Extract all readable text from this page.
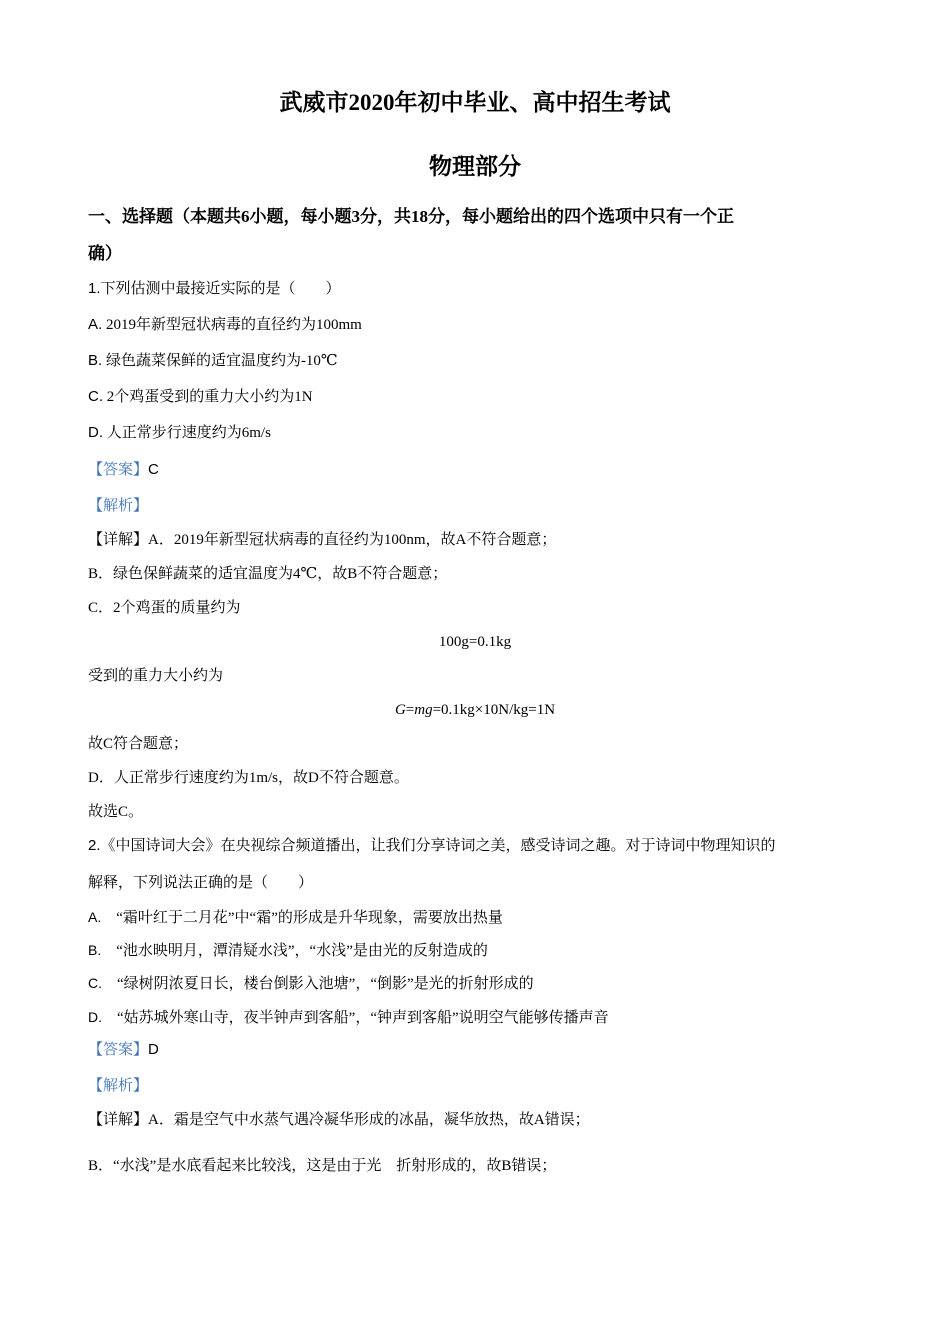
武威市2020年初中毕业、高中招生考试
物理部分
一、选择题（本题共6小题，每小题3分，共18分，每小题给出的四个选项中只有一个正
确）
1.下列估测中最接近实际的是（　　）
A. 2019年新型冠状病毒的直径约为100mm
B. 绿色蔬菜保鲜的适宜温度约为-10℃
C. 2个鸡蛋受到的重力大小约为1N
D. 人正常步行速度约为6m/s
【答案】C
【解析】
【详解】A．2019年新型冠状病毒的直径约为100nm，故A不符合题意；
B．绿色保鲜蔬菜的适宜温度为4℃，故B不符合题意；
C．2个鸡蛋的质量约为
100g=0.1kg
受到的重力大小约为
G=mg=0.1kg×10N/kg=1N
故C符合题意；
D．人正常步行速度约为1m/s，故D不符合题意。
故选C。
2.《中国诗词大会》在央视综合频道播出，让我们分享诗词之美，感受诗词之趣。对于诗词中物理知识的
解释，下列说法正确的是（　　）
A.　“霜叶红于二月花”中“霜”的形成是升华现象，需要放出热量
B.　“池水映明月，潭清疑水浅”，“水浅”是由光的反射造成的
C.　“绿树阴浓夏日长，楼台倒影入池塘”，“倒影”是光的折射形成的
D.　“姑苏城外寒山寺，夜半钟声到客船”，“钟声到客船”说明空气能够传播声音
【答案】D
【解析】
【详解】A．霜是空气中水蒸气遇冷凝华形成的冰晶，凝华放热，故A错误；
B．“水浅”是水底看起来比较浅，这是由于光　折射形成的，故B错误；
